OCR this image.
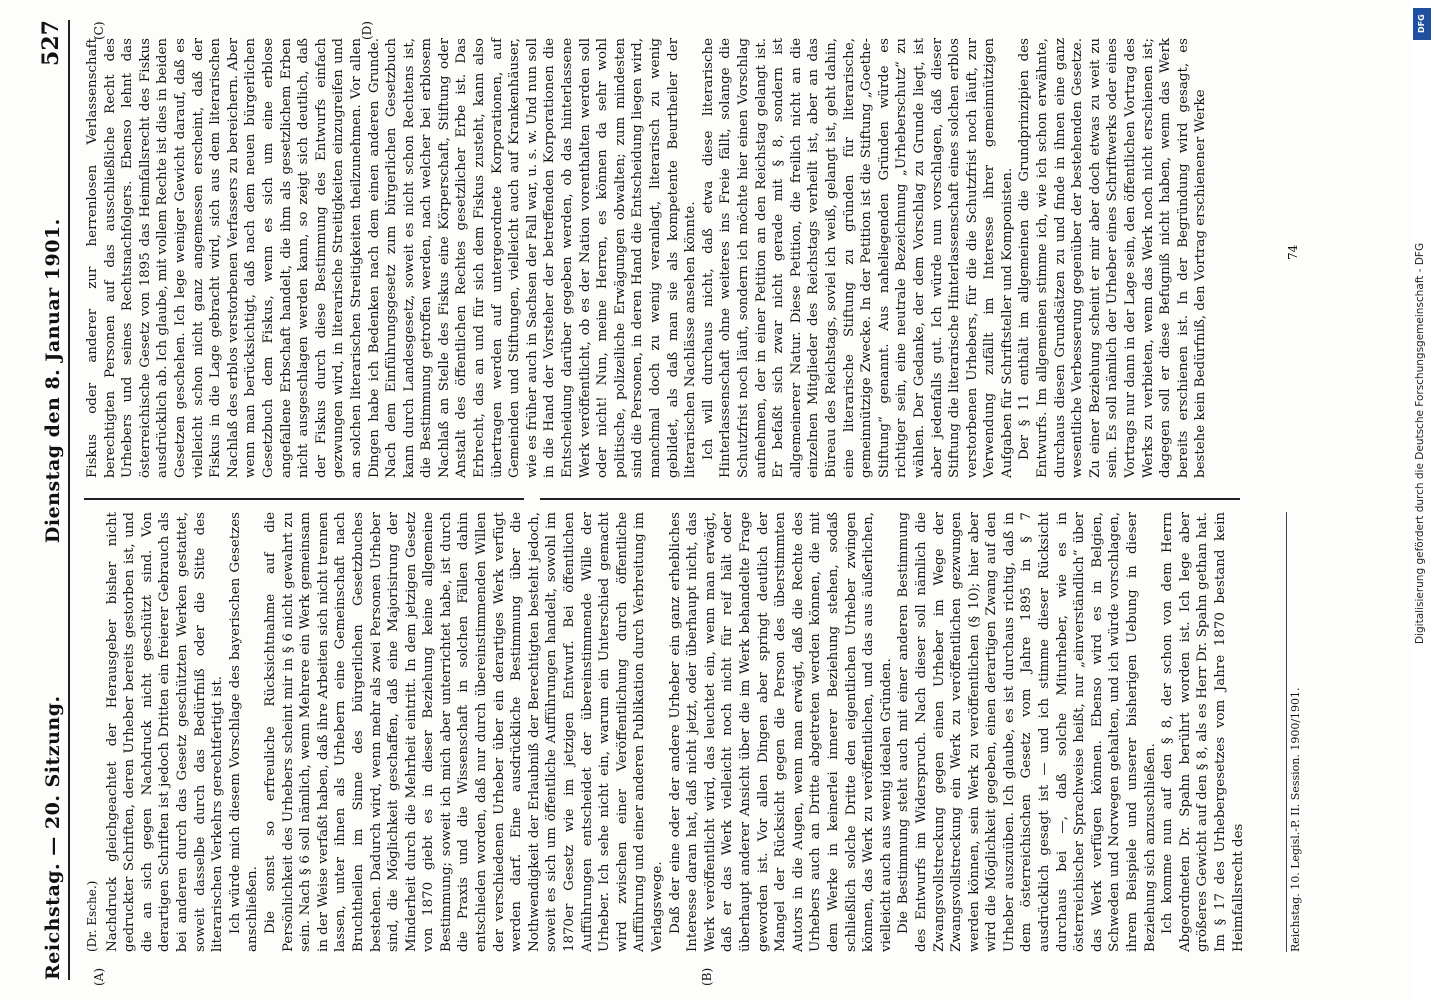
Reichstag. — 20. Sitzung.
Dienstag den 8. Januar 1901.
527
(A)	(B)
(C)	(D)
(Dr. Esche.) Nachdruck gleichgeachtet der Herausgeber bisher nicht gedruckter Schriften, deren Urheber bereits gestorben ist, und die an sich gegen Nachdruck nicht geschützt sind. Von derartigen Schriften ist jedoch Dritten ein freierer Gebrauch als bei anderen durch das Gesetz geschützten Werken gestattet, soweit dasselbe durch das Bedürfniß oder die Sitte des literarischen Verkehrs gerechtfertigt ist. Ich würde mich diesem Vorschlage des bayerischen Gesetzes anschließen. Die sonst so erfreuliche Rücksichtnahme auf die Persönlichkeit des Urhebers scheint mir in § 6 nicht gewahrt zu sein. Nach § 6 soll nämlich, wenn Mehrere ein Werk gemeinsam in der Weise verfaßt haben, daß ihre Arbeiten sich nicht trennen lassen, unter ihnen als Urhebern eine Gemeinschaft nach Bruchtheilen im Sinne des bürgerlichen Gesetzbuches bestehen. Dadurch wird, wenn mehr als zwei Personen Urheber sind, die Möglichkeit geschaffen, daß eine Majorisirung der Minderheit durch die Mehrheit eintritt. In dem jetzigen Gesetz von 1870 giebt es in dieser Beziehung keine allgemeine Bestimmung; soweit ich mich aber unterrichtet habe, ist durch die Praxis und die Wissenschaft in solchen Fällen dahin entschieden worden, daß nur durch übereinstimmenden Willen der verschiedenen Urheber über ein derartiges Werk verfügt werden darf. Eine ausdrückliche Bestimmung über die Nothwendigkeit der Erlaubniß der Berechtigten besteht jedoch, soweit es sich um öffentliche Aufführungen handelt, sowohl im 1870er Gesetz wie im jetzigen Entwurf. Bei öffentlichen Aufführungen entscheidet der übereinstimmende Wille der Urheber. Ich sehe nicht ein, warum ein Unterschied gemacht wird zwischen einer Veröffentlichung durch öffentliche Aufführung und einer anderen Publikation durch Verbreitung im Verlagswege. Daß der eine oder der andere Urheber ein ganz erhebliches Interesse daran hat, daß nicht jetzt, oder überhaupt nicht, das Werk veröffentlicht wird, das leuchtet ein, wenn man erwägt, daß er das Werk vielleicht noch nicht für reif hält oder überhaupt anderer Ansicht über die im Werk behandelte Frage geworden ist. Vor allen Dingen aber springt deutlich der Mangel der Rücksicht gegen die Person des überstimmten Autors in die Augen, wenn man erwägt, daß die Rechte des Urhebers auch an Dritte abgetreten werden können, die mit dem Werke in keinerlei innerer Beziehung stehen, sodaß schließlich solche Dritte den eigentlichen Urheber zwingen können, das Werk zu veröffentlichen, und das aus äußerlichen, vielleicht auch aus wenig idealen Gründen. Die Bestimmung steht auch mit einer anderen Bestimmung des Entwurfs im Widerspruch. Nach dieser soll nämlich die Zwangsvollstreckung gegen einen Urheber im Wege der Zwangsvollstreckung ein Werk zu veröffentlichen gezwungen werden können, sein Werk zu veröffentlichen (§ 10); hier aber wird die Möglichkeit gegeben, einen derartigen Zwang auf den Urheber auszuüben. Ich glaube, es ist durchaus richtig, daß in dem österreichischen Gesetz vom Jahre 1895 in § 7 ausdrücklich gesagt ist — und ich stimme dieser Rücksicht durchaus bei —, daß solche Miturheber, wie es in österreichischer Sprachweise heißt, nur „einverständlich“ über das Werk verfügen können. Ebenso wird es in Belgien, Schweden und Norwegen gehalten, und ich würde vorschlagen, ihrem Beispiele und unserer bisherigen Uebung in dieser Beziehung sich anzuschließen. Ich komme nun auf den § 8, der schon von dem Herrn Abgeordneten Dr. Spahn berührt worden ist. Ich lege aber größeres Gewicht auf den § 8, als es Herr Dr. Spahn gethan hat. Im § 17 des Urhebergesetzes vom Jahre 1870 bestand kein Heimfallsrecht des

Fiskus oder anderer zur herrenlosen Verlassenschaft berechtigten Personen auf das ausschließliche Recht des Urhebers und seines Rechtsnachfolgers. Ebenso lehnt das österreichische Gesetz von 1895 das Heimfallsrecht des Fiskus ausdrücklich ab. Ich glaube, mit vollem Rechte ist dies in beiden Gesetzen geschehen. Ich lege weniger Gewicht darauf, daß es vielleicht schon nicht ganz angemessen erscheint, daß der Fiskus in die Lage gebracht wird, sich aus dem literarischen Nachlaß des erblos verstorbenen Verfassers zu bereichern. Aber wenn man berücksichtigt, daß nach dem neuen bürgerlichen Gesetzbuch dem Fiskus, wenn es sich um eine erblose angefallene Erbschaft handelt, die ihm als gesetzlichem Erben nicht ausgeschlagen werden kann, so zeigt sich deutlich, daß der Fiskus durch diese Bestimmung des Entwurfs einfach gezwungen wird, in literarische Streitigkeiten einzugreifen und an solchen literarischen Streitigkeiten theilzunehmen. Vor allen Dingen habe ich Bedenken nach dem einen anderen Grunde. Nach dem Einführungsgesetz zum bürgerlichen Gesetzbuch kann durch Landesgesetz, soweit es nicht schon Rechtens ist, die Bestimmung getroffen werden, nach welcher bei erblosem Nachlaß an Stelle des Fiskus eine Körperschaft, Stiftung oder Anstalt des öffentlichen Rechtes gesetzlicher Erbe ist. Das Erbrecht, das an und für sich dem Fiskus zusteht, kann also übertragen werden auf untergeordnete Korporationen, auf Gemeinden und Stiftungen, vielleicht auch auf Krankenhäuser, wie es früher auch in Sachsen der Fall war, u. s. w. Und nun soll in die Hand der Vorsteher der betreffenden Korporationen die Entscheidung darüber gegeben werden, ob das hinterlassene Werk veröffentlicht, ob es der Nation vorenthalten werden soll oder nicht! Nun, meine Herren, es können da sehr wohl politische, polizeiliche Erwägungen obwalten; zum mindesten sind die Personen, in deren Hand die Entscheidung liegen wird, manchmal doch zu wenig veranlagt, literarisch zu wenig gebildet, als daß man sie als kompetente Beurtheiler der literarischen Nachlässe ansehen könnte. Ich will durchaus nicht, daß etwa diese literarische Hinterlassenschaft ohne weiteres ins Freie fällt, solange die Schutzfrist noch läuft, sondern ich möchte hier einen Vorschlag aufnehmen, der in einer Petition an den Reichstag gelangt ist. Er befaßt sich zwar nicht gerade mit § 8, sondern ist allgemeinerer Natur. Diese Petition, die freilich nicht an die einzelnen Mitglieder des Reichstags verheilt ist, aber an das Büreau des Reichstags, soviel ich weiß, gelangt ist, geht dahin, eine literarische Stiftung zu gründen für literarische, gemeinnützige Zwecke. In der Petition ist die Stiftung „Goethe-Stiftung“ genannt. Aus naheliegenden Gründen würde es richtiger sein, eine neutrale Bezeichnung „Urheberschutz“ zu wählen. Der Gedanke, der dem Vorschlag zu Grunde liegt, ist aber jedenfalls gut. Ich würde nun vorschlagen, daß dieser Stiftung die literarische Hinterlassenschaft eines solchen erblos verstorbenen Urhebers, für die die Schutzfrist noch läuft, zur Verwendung zufällt im Interesse ihrer gemeinnützigen Aufgaben für Schriftsteller und Komponisten. Der § 11 enthält im allgemeinen die Grundprinzipien des Entwurfs. Im allgemeinen stimme ich, wie ich schon erwähnte, durchaus diesen Grundsätzen zu und finde in ihnen eine ganz wesentliche Verbesserung gegenüber der bestehenden Gesetze. Zu einer Beziehung scheint er mir aber doch etwas zu weit zu sein. Es soll nämlich der Urheber eines Schriftwerks oder eines Vortrags nur dann in der Lage sein, den öffentlichen Vortrag des Werks zu verbieten, wenn das Werk noch nicht erschienen ist; dagegen soll er diese Befugniß nicht haben, wenn das Werk bereits erschienen ist. In der Begründung wird gesagt, es bestehe kein Bedürfniß, den Vortrag erschienener Werke

Reichstag. 10. Legisl.-P. II. Session. 1900/1901.
74
DFG
Digitalisierung gefördert durch die Deutsche Forschungsgemeinschaft - DFG
